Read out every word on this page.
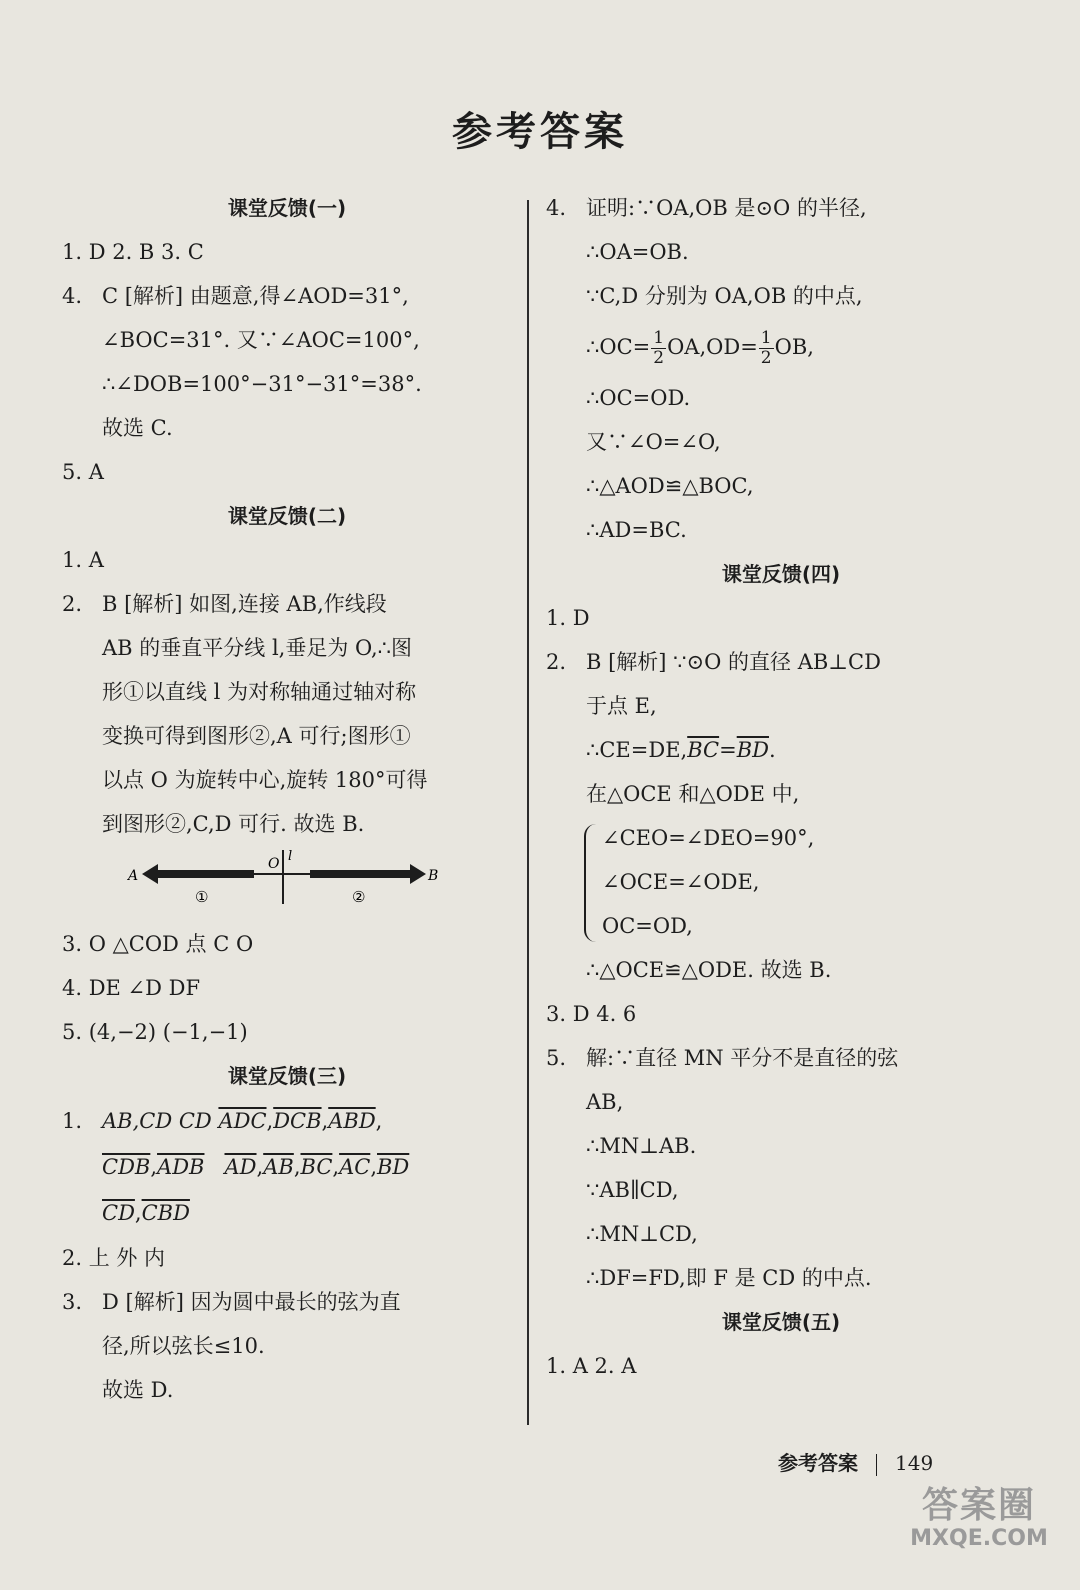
参考答案
课堂反馈(一)
1. D 2. B 3. C
4. C [解析] 由题意,得∠AOD=31°,
∠BOC=31°. 又∵∠AOC=100°,
∴∠DOB=100°−31°−31°=38°.
故选 C.
5. A
课堂反馈(二)
1. A
2. B [解析] 如图,连接 AB,作线段
AB 的垂直平分线 l,垂足为 O,∴图
形①以直线 l 为对称轴通过轴对称
变换可得到图形②,A 可行;图形①
以点 O 为旋转中心,旋转 180°可得
到图形②,C,D 可行. 故选 B.
A	B
O l
①	②
3. O △COD 点 C O
4. DE ∠D DF
5. (4,−2) (−1,−1)
课堂反馈(三)
1. AB,CD CD $\overline{ADC},\overline{DCB},\overline{ABD}$,
$\overline{CDB},\overline{ADB}$ $\overline{AD},\overline{AB},\overline{BC},\overline{AC},\overline{BD}$
$\overline{CD},\overline{CBD}$
2. 上 外 内
3. D [解析] 因为圆中最长的弦为直
径,所以弦长≤10.
故选 D.
4. 证明:∵OA,OB 是⊙O 的半径,
∴OA=OB.
∵C,D 分别为 OA,OB 的中点,
∴OC= $\frac{1}{2} OA,OD= \frac{1}{2}$ OB,
∴OC=OD.
又∵∠O=∠O,
∴△AOD≌△BOC,
∴AD=BC.
课堂反馈(四)
1. D
2. B [解析] ∵⊙O 的直径 AB⊥CD
于点 E,
$\therefore CE=DE,\overline{BC}=\overline{BD}$.
在△OCE 和△ODE 中,
∠CEO=∠DEO=90°,
∠OCE=∠ODE,
OC=OD,
∴△OCE≌△ODE. 故选 B.
3. D 4. 6
5. 解:∵直径 MN 平分不是直径的弦
AB,
∴MN⊥AB.
∵AB∥CD,
∴MN⊥CD,
∴DF=FD,即 F 是 CD 的中点.
课堂反馈(五)
1. A 2. A
参考答案 149
答案圈
MXQE.COM
